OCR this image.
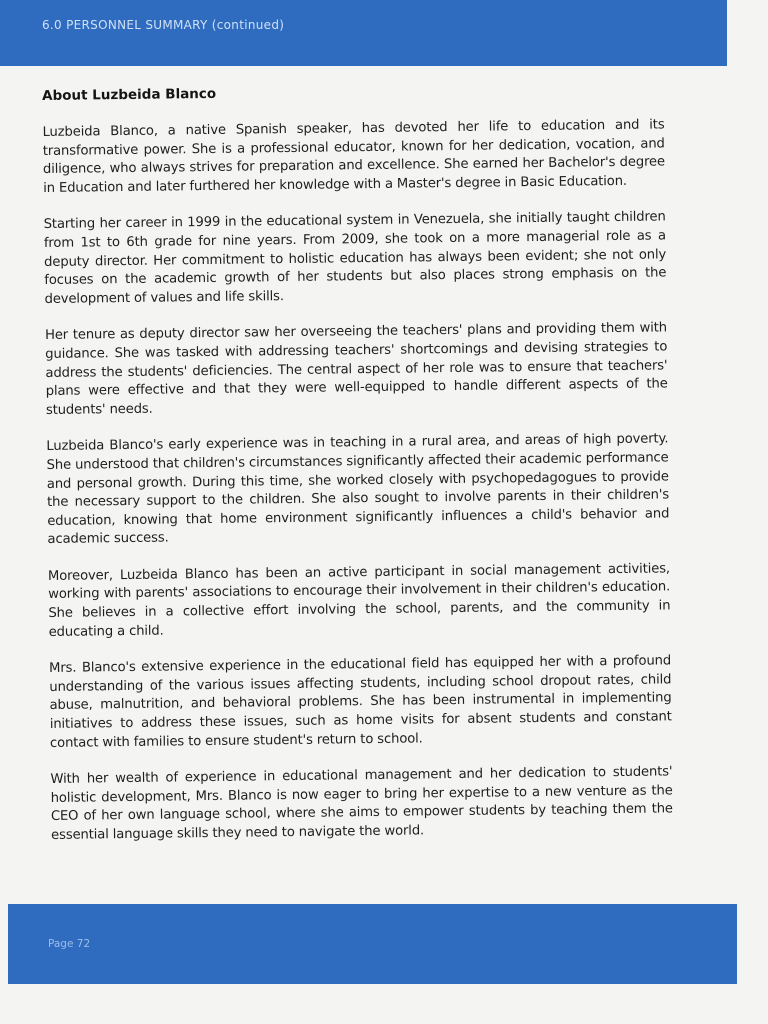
6.0 PERSONNEL SUMMARY (continued)
About Luzbeida Blanco

Luzbeida Blanco, a native Spanish speaker, has devoted her life to education and its transformative power. She is a professional educator, known for her dedication, vocation, and diligence, who always strives for preparation and excellence. She earned her Bachelor's degree in Education and later furthered her knowledge with a Master's degree in Basic Education.

Starting her career in 1999 in the educational system in Venezuela, she initially taught children from 1st to 6th grade for nine years. From 2009, she took on a more managerial role as a deputy director. Her commitment to holistic education has always been evident; she not only focuses on the academic growth of her students but also places strong emphasis on the development of values and life skills.

Her tenure as deputy director saw her overseeing the teachers' plans and providing them with guidance. She was tasked with addressing teachers' shortcomings and devising strategies to address the students' deficiencies. The central aspect of her role was to ensure that teachers' plans were effective and that they were well-equipped to handle different aspects of the students' needs.

Luzbeida Blanco's early experience was in teaching in a rural area, and areas of high poverty. She understood that children's circumstances significantly affected their academic performance and personal growth. During this time, she worked closely with psychopedagogues to provide the necessary support to the children. She also sought to involve parents in their children's education, knowing that home environment significantly influences a child's behavior and academic success.

Moreover, Luzbeida Blanco has been an active participant in social management activities, working with parents' associations to encourage their involvement in their children's education. She believes in a collective effort involving the school, parents, and the community in educating a child.

Mrs. Blanco's extensive experience in the educational field has equipped her with a profound understanding of the various issues affecting students, including school dropout rates, child abuse, malnutrition, and behavioral problems. She has been instrumental in implementing initiatives to address these issues, such as home visits for absent students and constant contact with families to ensure student's return to school.

With her wealth of experience in educational management and her dedication to students' holistic development, Mrs. Blanco is now eager to bring her expertise to a new venture as the CEO of her own language school, where she aims to empower students by teaching them the essential language skills they need to navigate the world.

Page 72
